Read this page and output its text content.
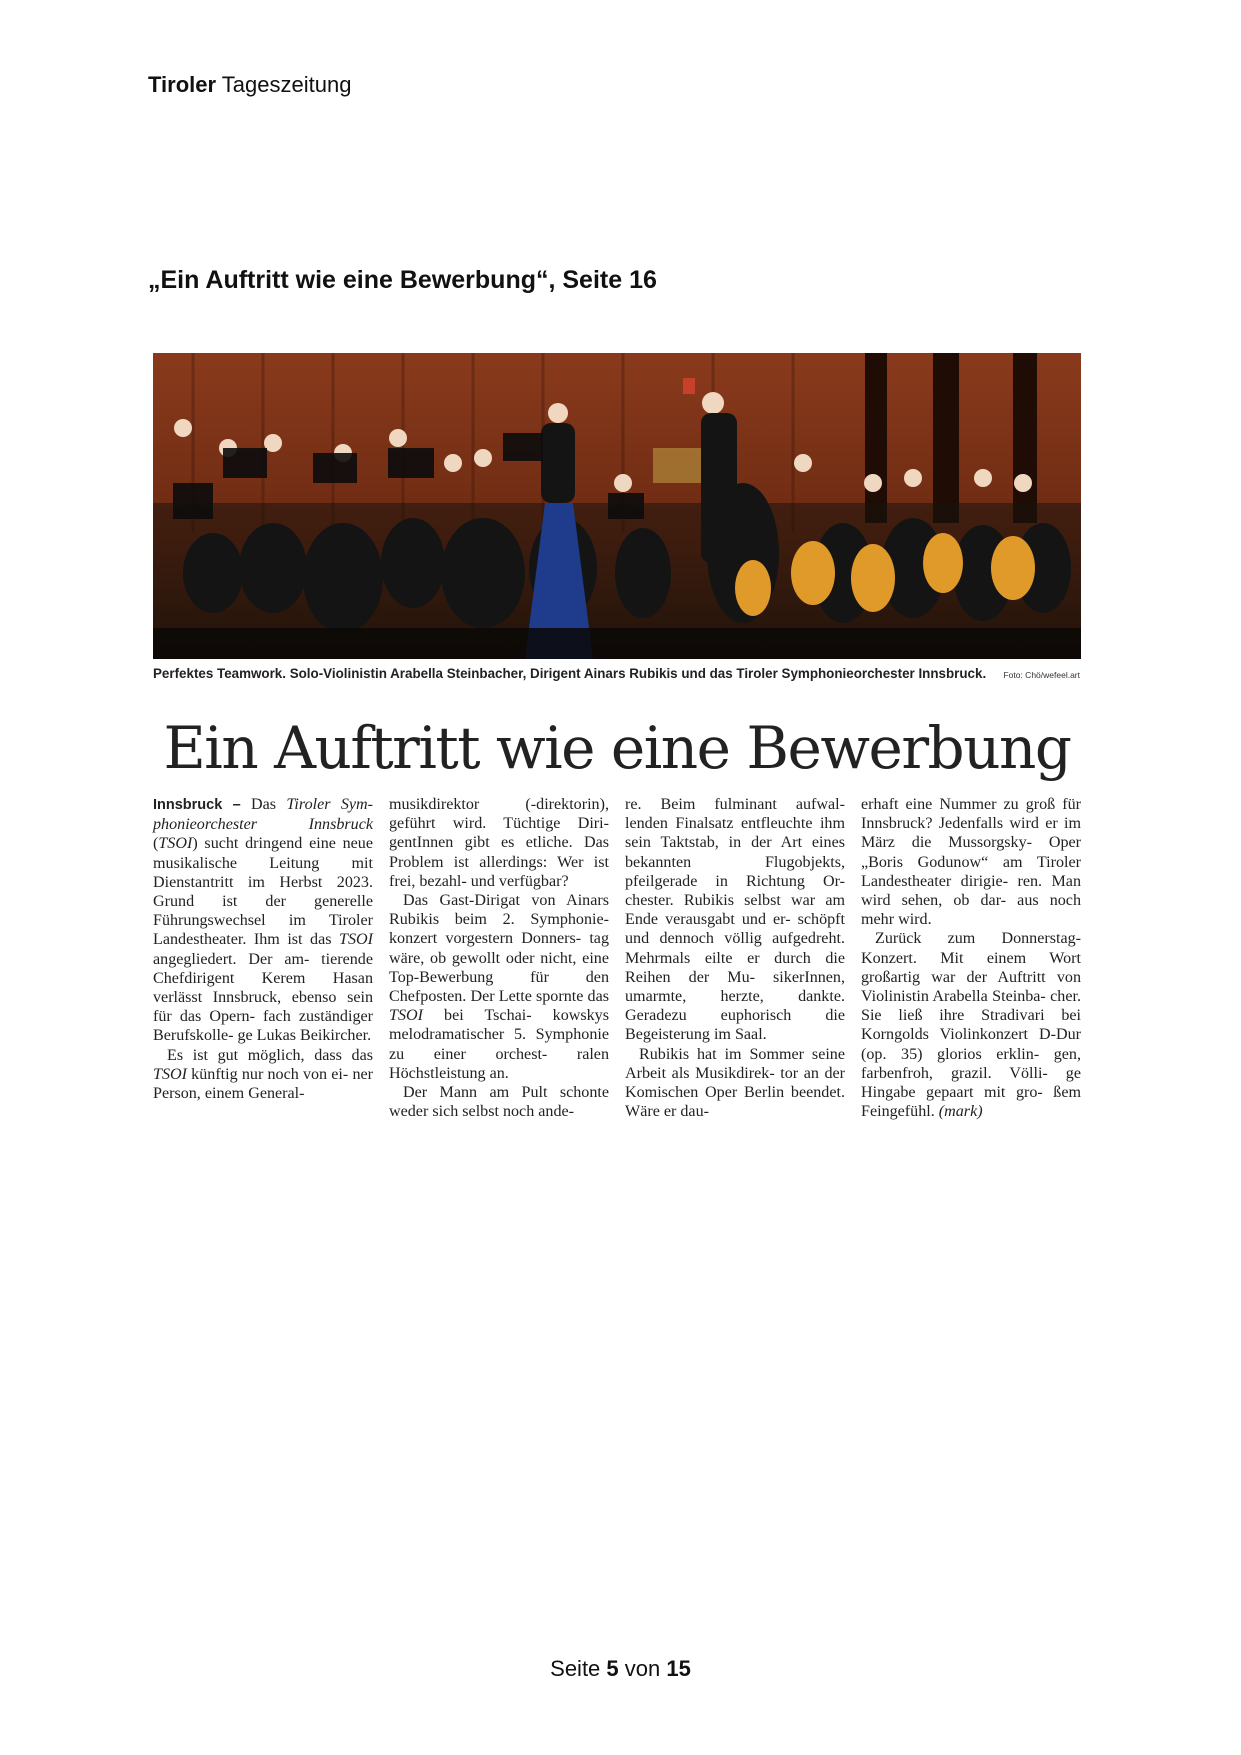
Tiroler Tageszeitung
„Ein Auftritt wie eine Bewerbung“, Seite 16
Perfektes Teamwork. Solo-Violinistin Arabella Steinbacher, Dirigent Ainars Rubikis und das Tiroler Symphonieorchester Innsbruck.	Foto: Chö/wefeel.art
Ein Auftritt wie eine Bewerbung

Innsbruck – Das Tiroler Sym- phonieorchester Innsbruck (TSOI) sucht dringend eine neue musikalische Leitung mit Dienstantritt im Herbst 2023. Grund ist der generelle Führungswechsel im Tiroler Landestheater. Ihm ist das TSOI angegliedert. Der am- tierende Chefdirigent Kerem Hasan verlässt Innsbruck, ebenso sein für das Opern- fach zuständiger Berufskolle- ge Lukas Beikircher.

Es ist gut möglich, dass das TSOI künftig nur noch von ei- ner Person, einem General-

musikdirektor (-direktorin), geführt wird. Tüchtige Diri- gentInnen gibt es etliche. Das Problem ist allerdings: Wer ist frei, bezahl- und verfügbar?

Das Gast-Dirigat von Ainars Rubikis beim 2. Symphonie- konzert vorgestern Donners- tag wäre, ob gewollt oder nicht, eine Top-Bewerbung für den Chefposten. Der Lette spornte das TSOI bei Tschai- kowskys melodramatischer 5. Symphonie zu einer orchest- ralen Höchstleistung an.

Der Mann am Pult schonte weder sich selbst noch ande-

re. Beim fulminant aufwal- lenden Finalsatz entfleuchte ihm sein Taktstab, in der Art eines bekannten Flugobjekts, pfeilgerade in Richtung Or- chester. Rubikis selbst war am Ende verausgabt und er- schöpft und dennoch völlig aufgedreht. Mehrmals eilte er durch die Reihen der Mu- sikerInnen, umarmte, herzte, dankte. Geradezu euphorisch die Begeisterung im Saal.

Rubikis hat im Sommer seine Arbeit als Musikdirek- tor an der Komischen Oper Berlin beendet. Wäre er dau-

erhaft eine Nummer zu groß für Innsbruck? Jedenfalls wird er im März die Mussorgsky- Oper „Boris Godunow“ am Tiroler Landestheater dirigie- ren. Man wird sehen, ob dar- aus noch mehr wird.

Zurück zum Donnerstag- Konzert. Mit einem Wort großartig war der Auftritt von Violinistin Arabella Steinba- cher. Sie ließ ihre Stradivari bei Korngolds Violinkonzert D-Dur (op. 35) glorios erklin- gen, farbenfroh, grazil. Völli- ge Hingabe gepaart mit gro- ßem Feingefühl. (mark)

Seite 5 von 15
